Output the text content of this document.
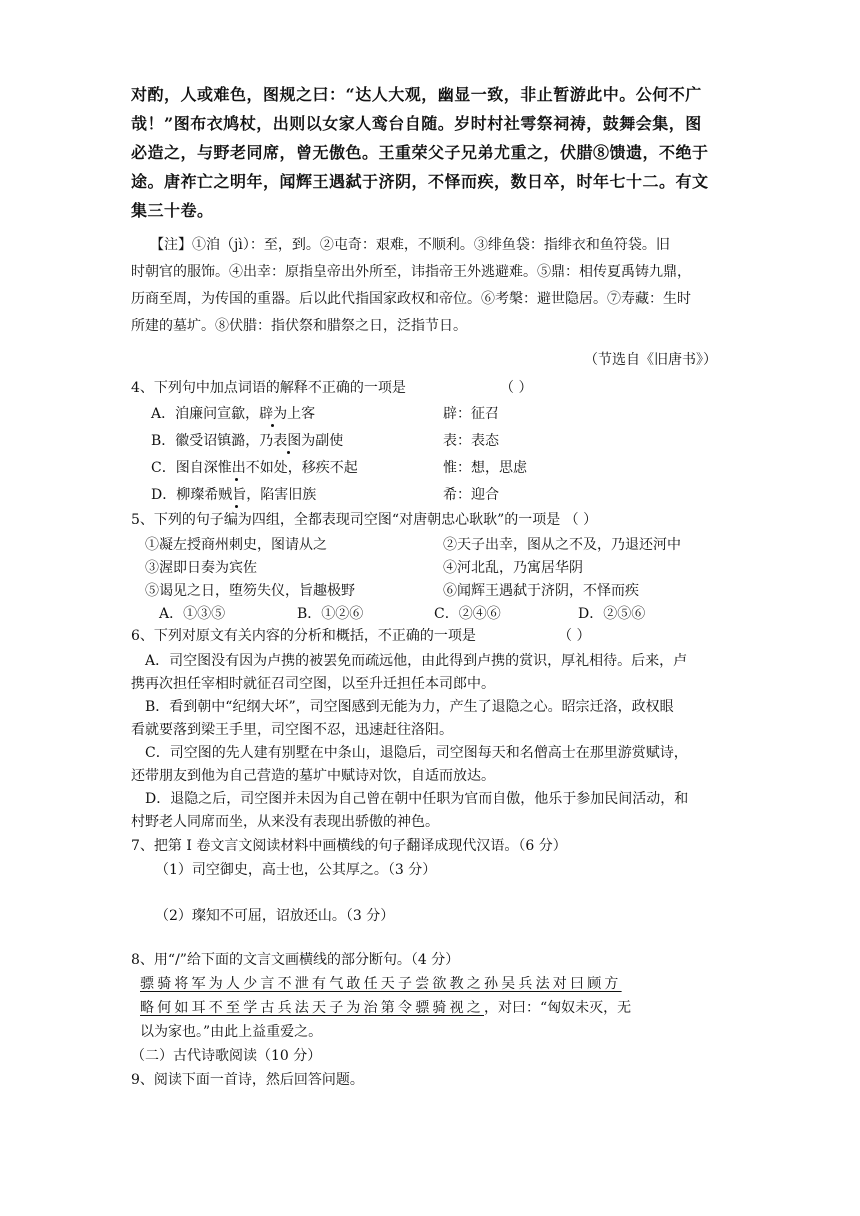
对酌，人或难色，图规之曰：“达人大观，幽显一致，非止暂游此中。公何不广
哉！”图布衣鸠杖，出则以女家人鸾台自随。岁时村社雩祭祠祷，鼓舞会集，图
必造之，与野老同席，曾无傲色。王重荣父子兄弟尤重之，伏腊⑧馈遗，不绝于
途。唐祚亡之明年，闻辉王遇弑于济阴，不怿而疾，数日卒，时年七十二。有文
集三十卷。
【注】①洎（jì）：至，到。②屯奇：艰难，不顺利。③绯鱼袋：指绯衣和鱼符袋。旧
时朝官的服饰。④出幸：原指皇帝出外所至，讳指帝王外逃避难。⑤鼎：相传夏禹铸九鼎，
历商至周，为传国的重器。后以此代指国家政权和帝位。⑥考槃：避世隐居。⑦寿藏：生时
所建的墓圹。⑧伏腊：指伏祭和腊祭之日，泛指节日。
（节选自《旧唐书》）
4、下列句中加点词语的解释不正确的一项是	（ ）
A．洎廉问宣歙，辟为上客	辟：征召
B．徽受诏镇潞，乃表图为副使	表：表态
C．图自深惟出不如处，移疾不起	惟：想，思虑
D．柳璨希贼旨，陷害旧族	希：迎合
5、下列的句子编为四组，全都表现司空图“对唐朝忠心耿耿”的一项是 （ ）
①凝左授商州刺史，图请从之	②天子出幸，图从之不及，乃退还河中
③渥即日奏为宾佐	④河北乱，乃寓居华阴
⑤谒见之日，堕笏失仪，旨趣极野	⑥闻辉王遇弑于济阴，不怿而疾
A．①③⑤	B．①②⑥	C．②④⑥	D．②⑤⑥
6、下列对原文有关内容的分析和概括，不正确的一项是	（ ）
A．司空图没有因为卢携的被罢免而疏远他，由此得到卢携的赏识，厚礼相待。后来，卢
携再次担任宰相时就征召司空图，以至升迁担任本司郎中。
B．看到朝中“纪纲大坏”，司空图感到无能为力，产生了退隐之心。昭宗迁洛，政权眼
看就要落到梁王手里，司空图不忍，迅速赶往洛阳。
C．司空图的先人建有别墅在中条山，退隐后，司空图每天和名僧高士在那里游赏赋诗，
还带朋友到他为自己营造的墓圹中赋诗对饮，自适而放达。
D．退隐之后，司空图并未因为自己曾在朝中任职为官而自傲，他乐于参加民间活动，和
村野老人同席而坐，从来没有表现出骄傲的神色。
7、把第 I 卷文言文阅读材料中画横线的句子翻译成现代汉语。（6 分）
（1）司空御史，高士也，公其厚之。（3 分）
（2）璨知不可屈，诏放还山。（3 分）
8、用“/”给下面的文言文画横线的部分断句。（4 分）
骠骑将军为人少言不泄有气敢任天子尝欲教之孙吴兵法对曰顾方
略何如耳不至学古兵法天子为治第令骠骑视之，对曰：“匈奴未灭，无
以为家也。”由此上益重爱之。
（二）古代诗歌阅读（10 分）
9、阅读下面一首诗，然后回答问题。
